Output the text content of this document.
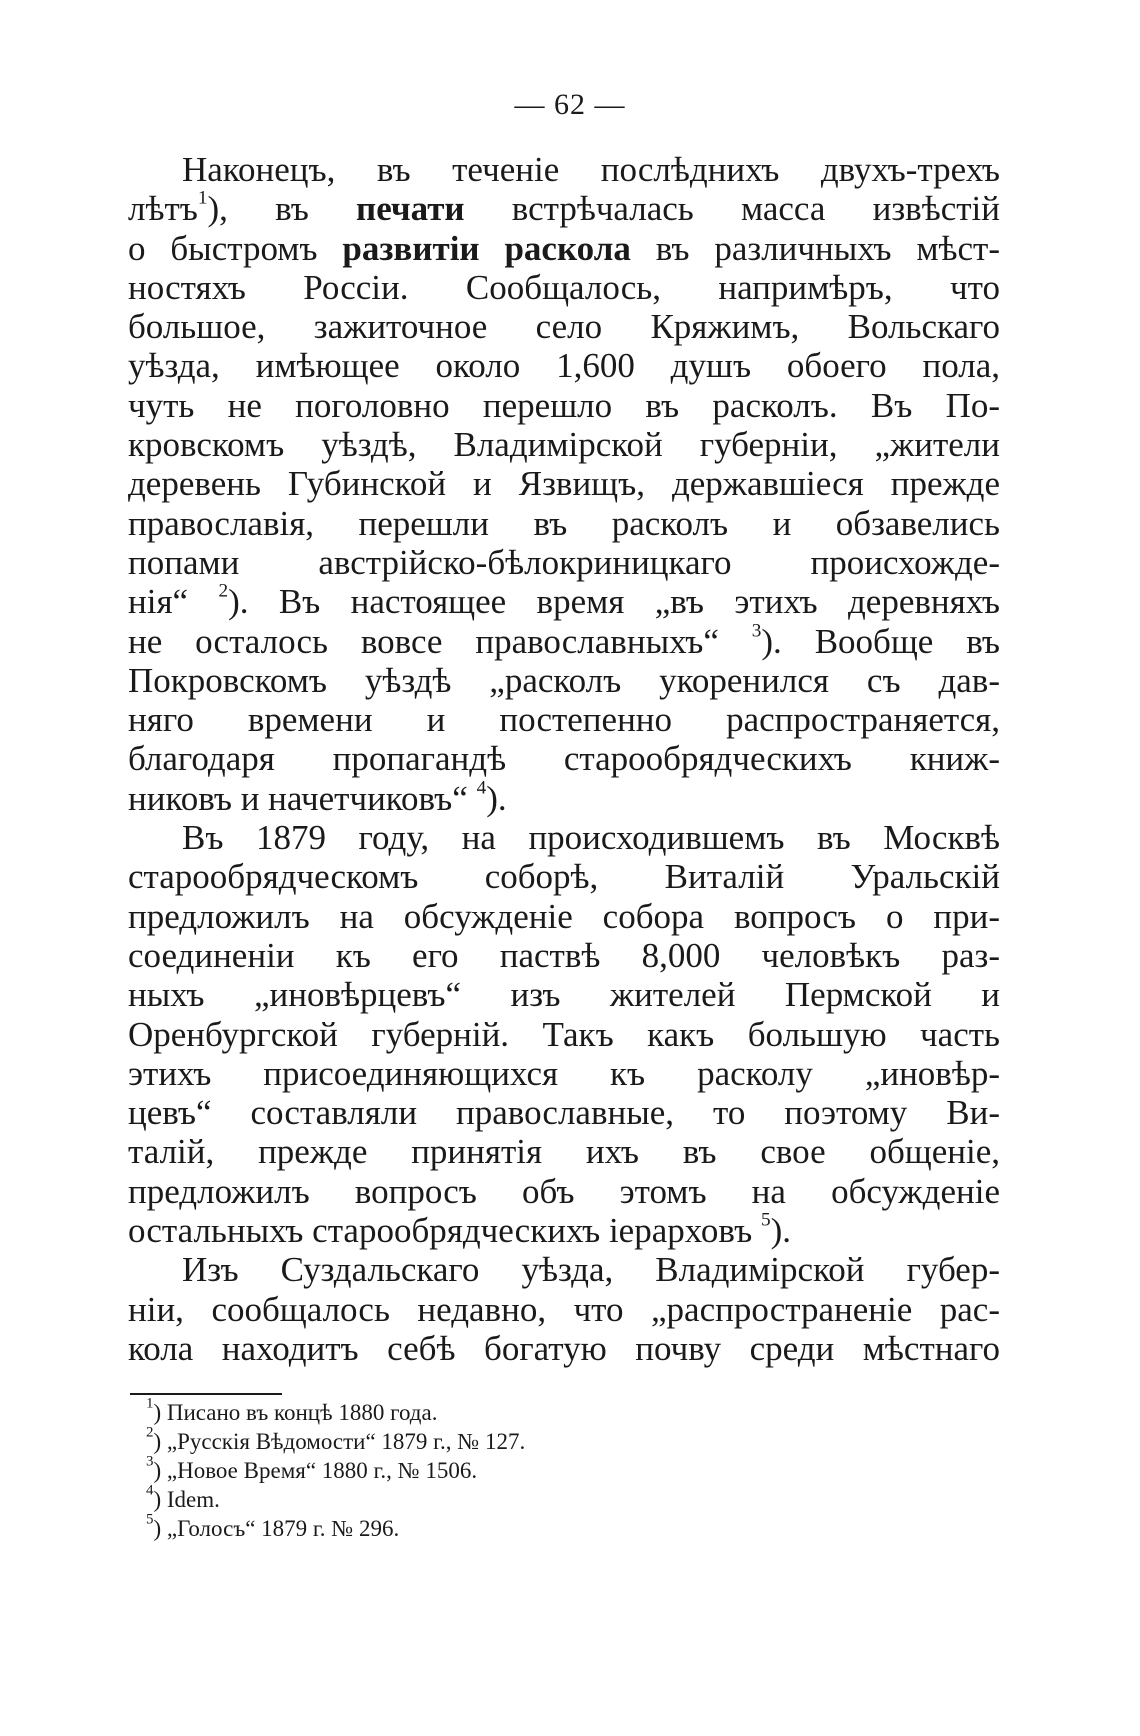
— 62 —
Наконецъ, въ теченіе послѣднихъ двухъ-трехъ
лѣтъ$^1$), въ печати встрѣчалась масса извѣстій
о быстромъ развитіи раскола въ различныхъ мѣст-
ностяхъ Россіи. Сообщалось, напримѣръ, что
большое, зажиточное село Кряжимъ, Вольскаго
уѣзда, имѣющее около 1,600 душъ обоего пола,
чуть не поголовно перешло въ расколъ. Въ По-
кровскомъ уѣздѣ, Владимірской губерніи, „жители
деревень Губинской и Язвищъ, державшіеся прежде
православія, перешли въ расколъ и обзавелись
попами австрійско-бѣлокриницкаго происхожде-
нія“ $^2$). Въ настоящее время „въ этихъ деревняхъ
не осталось вовсе православныхъ“ $^3$). Вообще въ
Покровскомъ уѣздѣ „расколъ укоренился съ дав-
няго времени и постепенно распространяется,
благодаря пропагандѣ старообрядческихъ книж-
никовъ и начетчиковъ“ $^4$).
Въ 1879 году, на происходившемъ въ Москвѣ
старообрядческомъ соборѣ, Виталій Уральскій
предложилъ на обсужденіе собора вопросъ о при-
соединеніи къ его паствѣ 8,000 человѣкъ раз-
ныхъ „иновѣрцевъ“ изъ жителей Пермской и
Оренбургской губерній. Такъ какъ большую часть
этихъ присоединяющихся къ расколу „иновѣр-
цевъ“ составляли православные, то поэтому Ви-
талій, прежде принятія ихъ въ свое общеніе,
предложилъ вопросъ объ этомъ на обсужденіе
остальныхъ старообрядческихъ іерарховъ $^5$).
Изъ Суздальскаго уѣзда, Владимірской губер-
ніи, сообщалось недавно, что „распространеніе рас-
кола находитъ себѣ богатую почву среди мѣстнаго
$^1$) Писано въ концѣ 1880 года.
$^2$) „Русскія Вѣдомости“ 1879 г., № 127.
$^3$) „Новое Время“ 1880 г., № 1506.
$^4$) Idem.
$^5$) „Голосъ“ 1879 г. № 296.
